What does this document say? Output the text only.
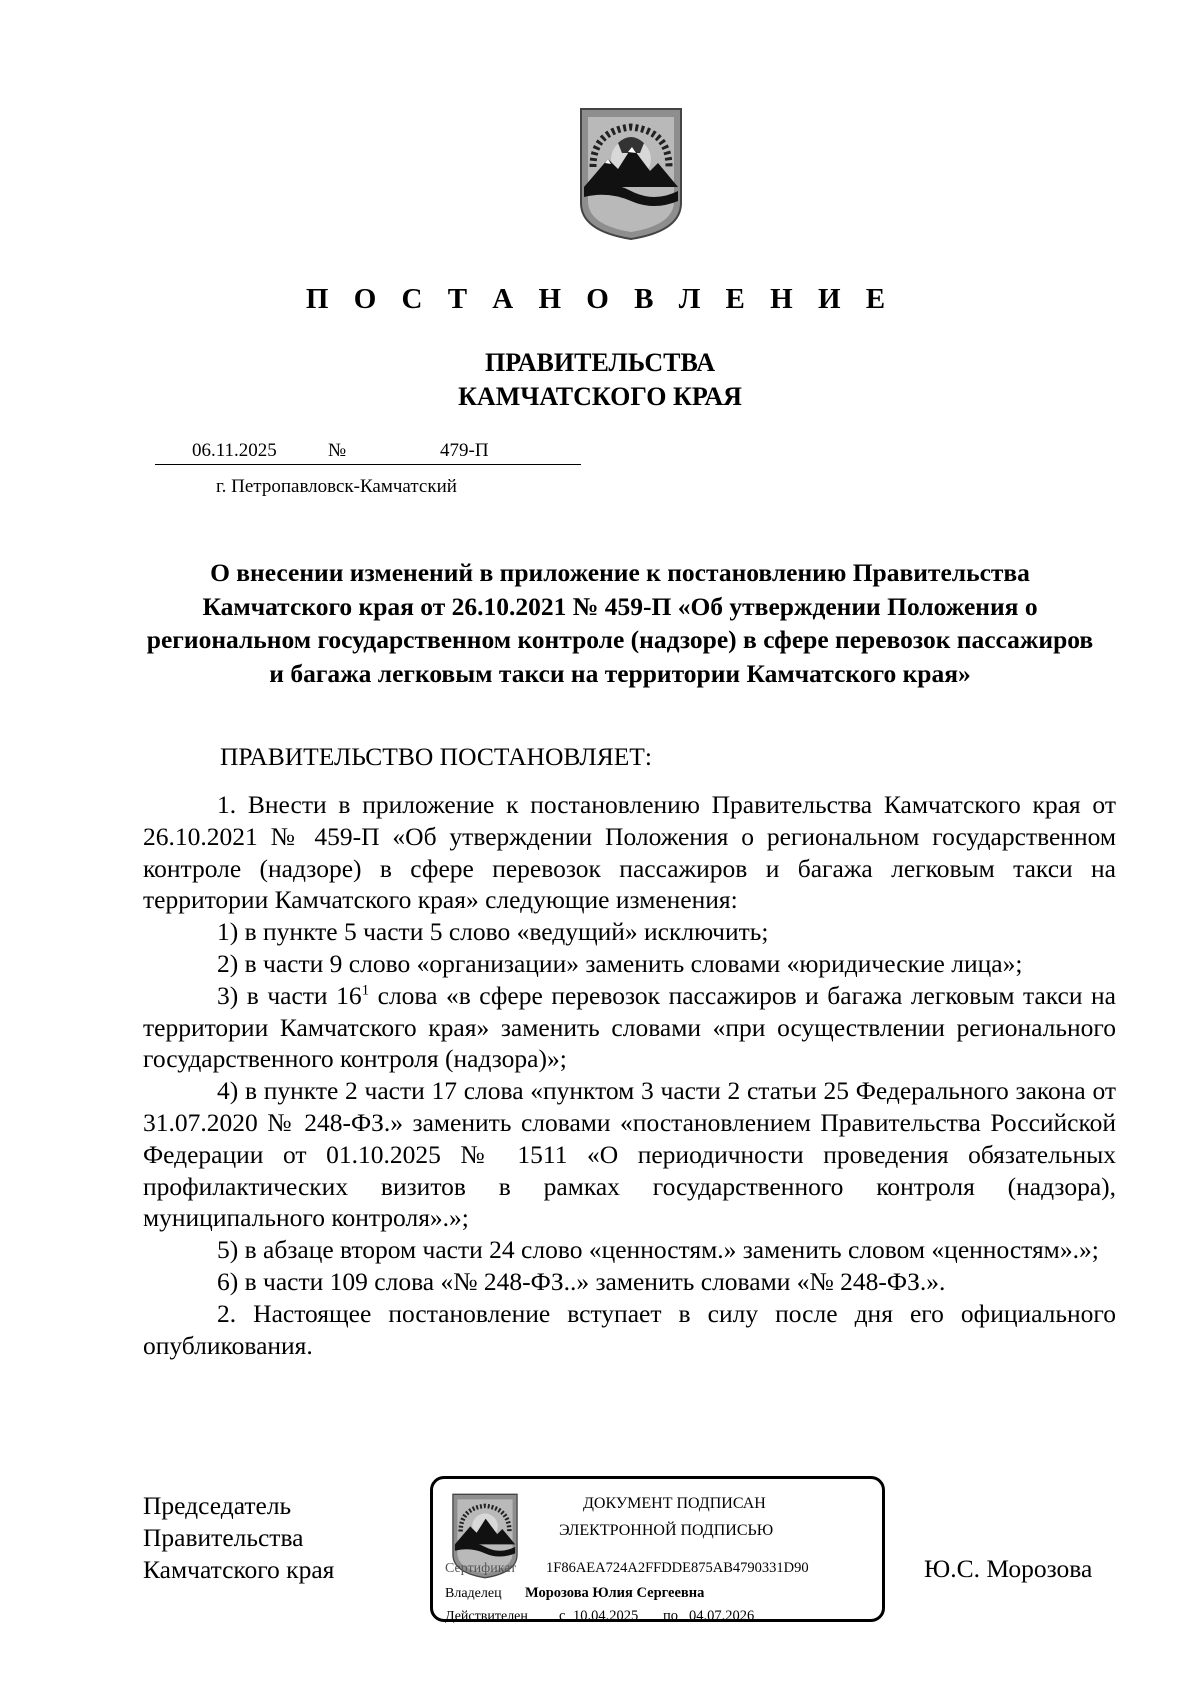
П О С Т А Н О В Л Е Н И Е
ПРАВИТЕЛЬСТВА
КАМЧАТСКОГО КРАЯ
06.11.2025	№	479-П
г. Петропавловск-Камчатский
О внесении изменений в приложение к постановлению Правительства Камчатского края от 26.10.2021 № 459-П «Об утверждении Положения о региональном государственном контроле (надзоре) в сфере перевозок пассажиров и багажа легковым такси на территории Камчатского края»
ПРАВИТЕЛЬСТВО ПОСТАНОВЛЯЕТ:

1. Внести в приложение к постановлению Правительства Камчатского края от 26.10.2021 № 459-П «Об утверждении Положения о региональном государственном контроле (надзоре) в сфере перевозок пассажиров и багажа легковым такси на территории Камчатского края» следующие изменения:

1) в пункте 5 части 5 слово «ведущий» исключить;

2) в части 9 слово «организации» заменить словами «юридические лица»;

3) в части $16^1$ слова «в сфере перевозок пассажиров и багажа легковым такси на территории Камчатского края» заменить словами «при осуществлении регионального государственного контроля (надзора)»;

4) в пункте 2 части 17 слова «пунктом 3 части 2 статьи 25 Федерального закона от 31.07.2020 № 248-ФЗ.» заменить словами «постановлением Правительства Российской Федерации от 01.10.2025 № 1511 «О периодичности проведения обязательных профилактических визитов в рамках государственного контроля (надзора), муниципального контроля».»;

5) в абзаце втором части 24 слово «ценностям.» заменить словом «ценностям».»;

6) в части 109 слова «№ 248-ФЗ..» заменить словами «№ 248-ФЗ.».

2. Настоящее постановление вступает в силу после дня его официального опубликования.

Председатель
Правительства
Камчатского края
ДОКУМЕНТ ПОДПИСАН
ЭЛЕКТРОННОЙ ПОДПИСЬЮ
Сертификат 1F86AEA724A2FFDDE875AB4790331D90
Владелец Морозова Юлия Сергеевна
Действителен с 10.04.2025 по 04.07.2026
Ю.С. Морозова
